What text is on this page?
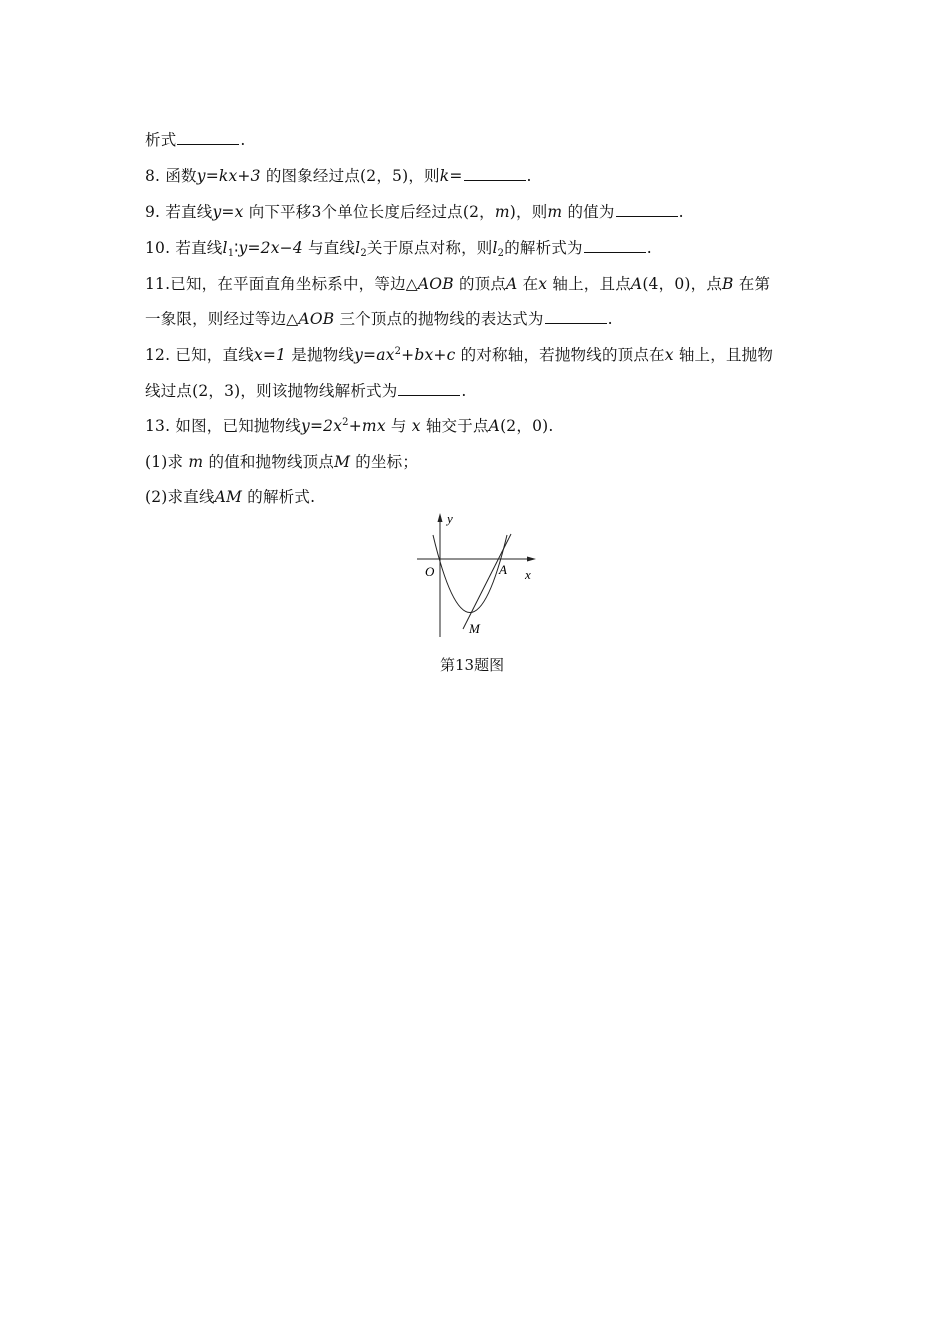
析式	.
8. 函数y=kx+3 的图象经过点(2，5)，则k=	.
9. 若直线y=x 向下平移3个单位长度后经过点(2，m)，则m 的值为	.
10. 若直线$l_1∶y=2x-4$ 与直线$l_2$关于原点对称，则$l_2$的解析式为	.
11.已知，在平面直角坐标系中，等边△AOB 的顶点A 在x 轴上，且点A(4，0)，点B 在第
一象限，则经过等边△AOB 三个顶点的抛物线的表达式为	.
12. 已知，直线x=1 是抛物线$y=ax^2+bx+c$ 的对称轴，若抛物线的顶点在x 轴上，且抛物
线过点(2，3)，则该抛物线解析式为	.
13. 如图，已知抛物线$y=2x^2+mx$ 与 x 轴交于点A(2，0).
(1)求 m 的值和抛物线顶点M 的坐标；
(2)求直线AM 的解析式.
y
x
O	A
M
第13题图
